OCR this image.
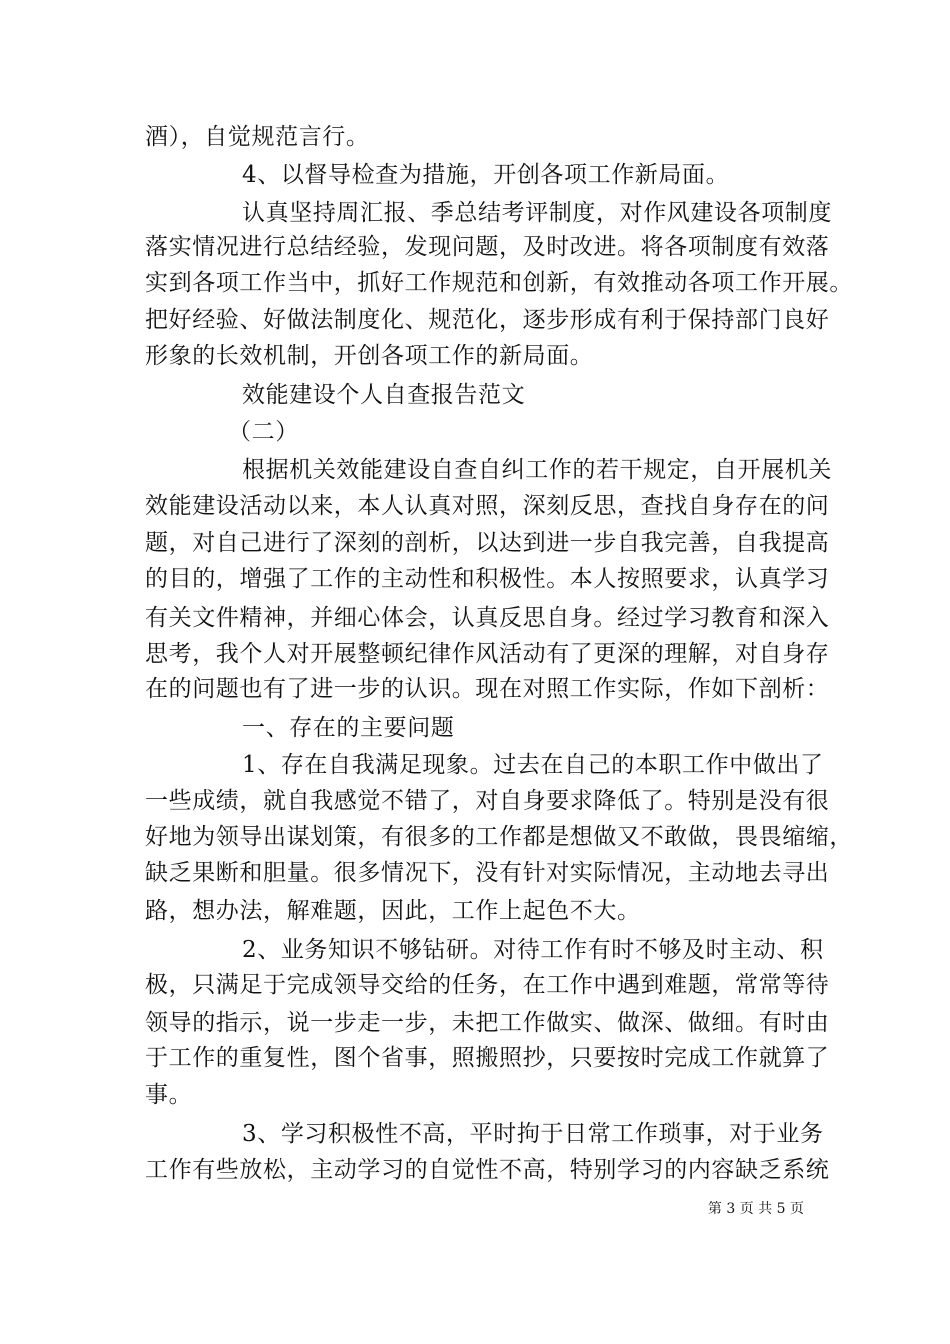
酒），自觉规范言行。
4、以督导检查为措施，开创各项工作新局面。
认真坚持周汇报、季总结考评制度，对作风建设各项制度
落实情况进行总结经验，发现问题，及时改进。将各项制度有效落
实到各项工作当中，抓好工作规范和创新，有效推动各项工作开展。
把好经验、好做法制度化、规范化，逐步形成有利于保持部门良好
形象的长效机制，开创各项工作的新局面。
效能建设个人自查报告范文
（二）
根据机关效能建设自查自纠工作的若干规定，自开展机关
效能建设活动以来，本人认真对照，深刻反思，查找自身存在的问
题，对自己进行了深刻的剖析，以达到进一步自我完善，自我提高
的目的，增强了工作的主动性和积极性。本人按照要求，认真学习
有关文件精神，并细心体会，认真反思自身。经过学习教育和深入
思考，我个人对开展整顿纪律作风活动有了更深的理解，对自身存
在的问题也有了进一步的认识。现在对照工作实际，作如下剖析：
一、存在的主要问题
1、存在自我满足现象。过去在自己的本职工作中做出了
一些成绩，就自我感觉不错了，对自身要求降低了。特别是没有很
好地为领导出谋划策，有很多的工作都是想做又不敢做，畏畏缩缩，
缺乏果断和胆量。很多情况下，没有针对实际情况，主动地去寻出
路，想办法，解难题，因此，工作上起色不大。
2、业务知识不够钻研。对待工作有时不够及时主动、积
极，只满足于完成领导交给的任务，在工作中遇到难题，常常等待
领导的指示，说一步走一步，未把工作做实、做深、做细。有时由
于工作的重复性，图个省事，照搬照抄，只要按时完成工作就算了
事。
3、学习积极性不高，平时拘于日常工作琐事，对于业务
工作有些放松，主动学习的自觉性不高，特别学习的内容缺乏系统
第 3 页 共 5 页
